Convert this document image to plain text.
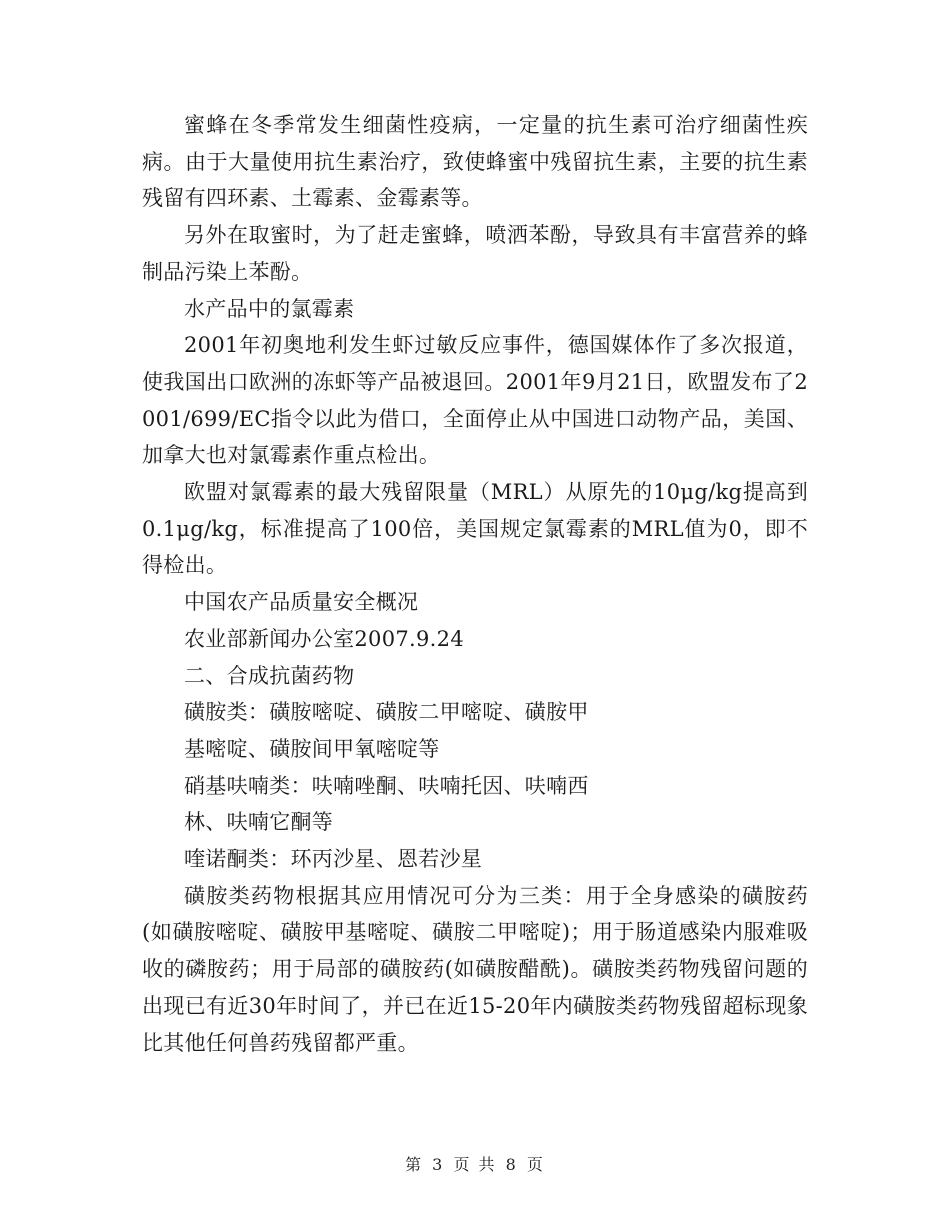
蜜蜂在冬季常发生细菌性疫病，一定量的抗生素可治疗细菌性疾病。由于大量使用抗生素治疗，致使蜂蜜中残留抗生素，主要的抗生素残留有四环素、土霉素、金霉素等。

另外在取蜜时，为了赶走蜜蜂，喷洒苯酚，导致具有丰富营养的蜂制品污染上苯酚。

水产品中的氯霉素

2001年初奥地利发生虾过敏反应事件，德国媒体作了多次报道，使我国出口欧洲的冻虾等产品被退回。2001年9月21日，欧盟发布了2001/699/EC指令以此为借口，全面停止从中国进口动物产品，美国、加拿大也对氯霉素作重点检出。

欧盟对氯霉素的最大残留限量（MRL）从原先的10μg/kg提高到0.1μg/kg，标准提高了100倍，美国规定氯霉素的MRL值为0，即不得检出。

中国农产品质量安全概况

农业部新闻办公室2007.9.24

二、合成抗菌药物

磺胺类：磺胺嘧啶、磺胺二甲嘧啶、磺胺甲

基嘧啶、磺胺间甲氧嘧啶等

硝基呋喃类：呋喃唑酮、呋喃托因、呋喃西

林、呋喃它酮等

喹诺酮类：环丙沙星、恩若沙星

磺胺类药物根据其应用情况可分为三类：用于全身感染的磺胺药(如磺胺嘧啶、磺胺甲基嘧啶、磺胺二甲嘧啶)；用于肠道感染内服难吸收的磷胺药；用于局部的磺胺药(如磺胺醋酰)。磺胺类药物残留问题的出现已有近30年时间了，并已在近15-20年内磺胺类药物残留超标现象比其他任何兽药残留都严重。

第 3 页 共 8 页
